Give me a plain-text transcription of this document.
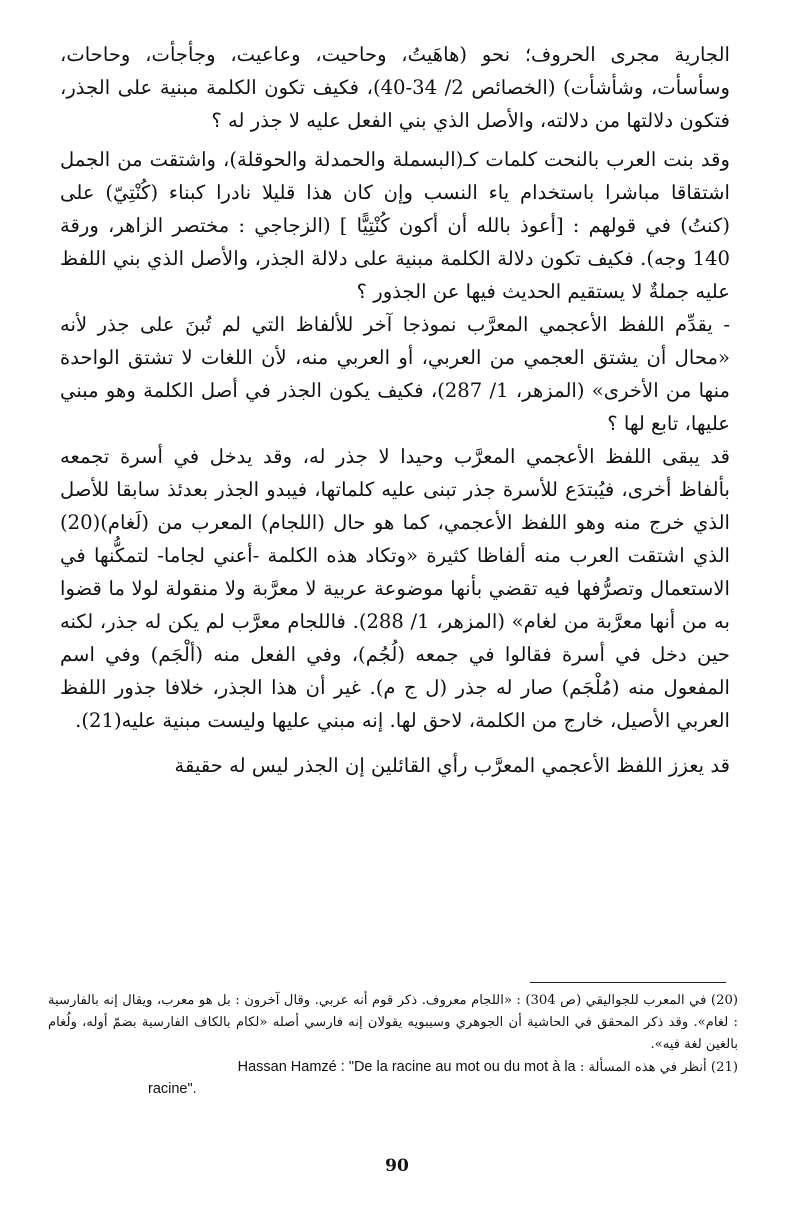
الجارية مجرى الحروف؛ نحو (هاهَيتُ، وحاحيت، وعاعيت، وجأجأت، وحاحات، وسأسأت، وشأشأت) (الخصائص 2/ 34-40)، فكيف تكون الكلمة مبنية على الجذر، فتكون دلالتها من دلالته، والأصل الذي بني الفعل عليه لا جذر له ؟

وقد بنت العرب بالنحت كلمات كـ(البسملة والحمدلة والحوقلة)، واشتقت من الجمل اشتقاقا مباشرا باستخدام ياء النسب وإن كان هذا قليلا نادرا كبناء (كُنْتِيّ) على (كنتُ) في قولهم : [أعوذ بالله أن أكون كُنْتِيًّا ] (الزجاجي : مختصر الزاهر، ورقة 140 وجه). فكيف تكون دلالة الكلمة مبنية على دلالة الجذر، والأصل الذي بني اللفظ عليه جملةٌ لا يستقيم الحديث فيها عن الجذور ؟

- يقدِّم اللفظ الأعجمي المعرَّب نموذجا آخر للألفاظ التي لم تُبنَ على جذر لأنه «محال أن يشتق العجمي من العربي، أو العربي منه، لأن اللغات لا تشتق الواحدة منها من الأخرى» (المزهر، 1/ 287)، فكيف يكون الجذر في أصل الكلمة وهو مبني عليها، تابع لها ؟

قد يبقى اللفظ الأعجمي المعرَّب وحيدا لا جذر له، وقد يدخل في أسرة تجمعه بألفاظ أخرى، فيُبتدَع للأسرة جذر تبنى عليه كلماتها، فيبدو الجذر بعدئذ سابقا للأصل الذي خرج منه وهو اللفظ الأعجمي، كما هو حال (اللجام) المعرب من (لَغام)(20) الذي اشتقت العرب منه ألفاظا كثيرة «وتكاد هذه الكلمة -أعني لجاما- لتمكُّنها في الاستعمال وتصرُّفها فيه تقضي بأنها موضوعة عربية لا معرَّبة ولا منقولة لولا ما قضوا به من أنها معرَّبة من لغام» (المزهر، 1/ 288). فاللجام معرَّب لم يكن له جذر، لكنه حين دخل في أسرة فقالوا في جمعه (لُجُم)، وفي الفعل منه (ألْجَم) وفي اسم المفعول منه (مُلْجَم) صار له جذر (ل ج م). غير أن هذا الجذر، خلافا جذور اللفظ العربي الأصيل، خارج من الكلمة، لاحق لها. إنه مبني عليها وليست مبنية عليه(21).

قد يعزز اللفظ الأعجمي المعرَّب رأي القائلين إن الجذر ليس له حقيقة

(20) في المعرب للجواليقي (ص 304) : «اللجام معروف. ذكر قوم أنه عربي. وقال آخرون : بل هو معرب، ويقال إنه بالفارسية : لغام». وقد ذكر المحقق في الحاشية أن الجوهري وسيبويه يقولان إنه فارسي أصله «لكام بالكاف الفارسية بضمّ أوله، ولُغام بالغين لغة فيه».

(21) أنظر في هذه المسألة : Hassan Hamzé : "De la racine au mot ou du mot à la

racine".
90
